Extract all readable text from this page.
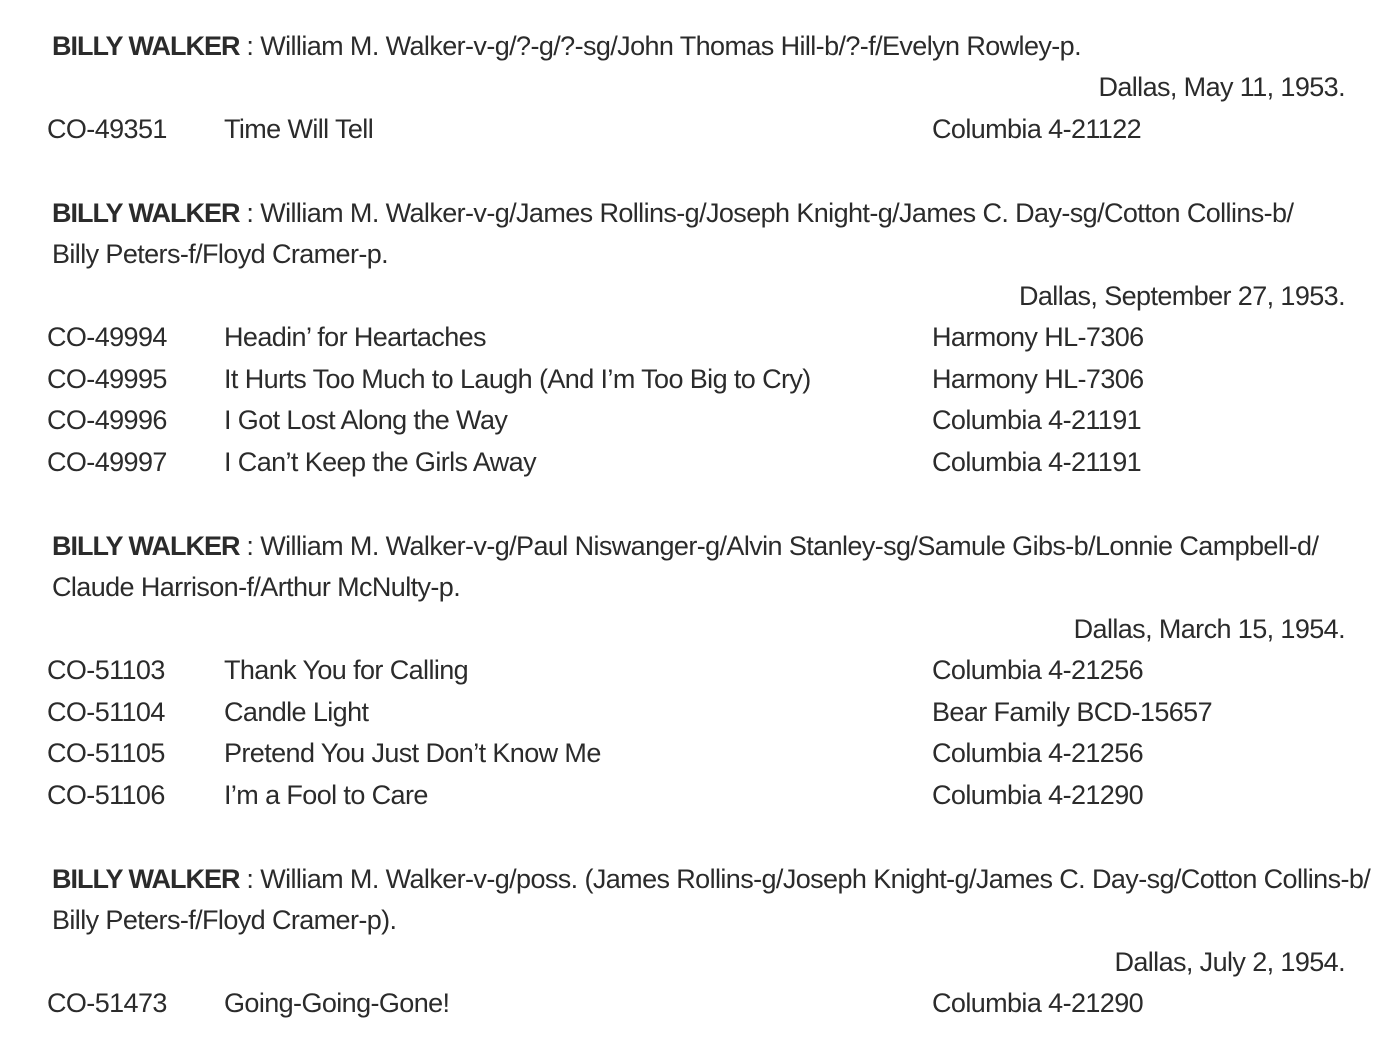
BILLY WALKER : William M. Walker-v-g/?-g/?-sg/John Thomas Hill-b/?-f/Evelyn Rowley-p.
Dallas, May 11, 1953.
CO-49351 Time Will Tell	Columbia 4-21122
BILLY WALKER : William M. Walker-v-g/James Rollins-g/Joseph Knight-g/James C. Day-sg/Cotton Collins-b/
Billy Peters-f/Floyd Cramer-p.
Dallas, September 27, 1953.
CO-49994 Headin’ for Heartaches	Harmony HL-7306
CO-49995 It Hurts Too Much to Laugh (And I’m Too Big to Cry)	Harmony HL-7306
CO-49996 I Got Lost Along the Way	Columbia 4-21191
CO-49997 I Can’t Keep the Girls Away	Columbia 4-21191
BILLY WALKER : William M. Walker-v-g/Paul Niswanger-g/Alvin Stanley-sg/Samule Gibs-b/Lonnie Campbell-d/
Claude Harrison-f/Arthur McNulty-p.
Dallas, March 15, 1954.
CO-51103 Thank You for Calling	Columbia 4-21256
CO-51104 Candle Light	Bear Family BCD-15657
CO-51105 Pretend You Just Don’t Know Me	Columbia 4-21256
CO-51106 I’m a Fool to Care	Columbia 4-21290
BILLY WALKER : William M. Walker-v-g/poss. (James Rollins-g/Joseph Knight-g/James C. Day-sg/Cotton Collins-b/
Billy Peters-f/Floyd Cramer-p).
Dallas, July 2, 1954.
CO-51473 Going-Going-Gone!	Columbia 4-21290
